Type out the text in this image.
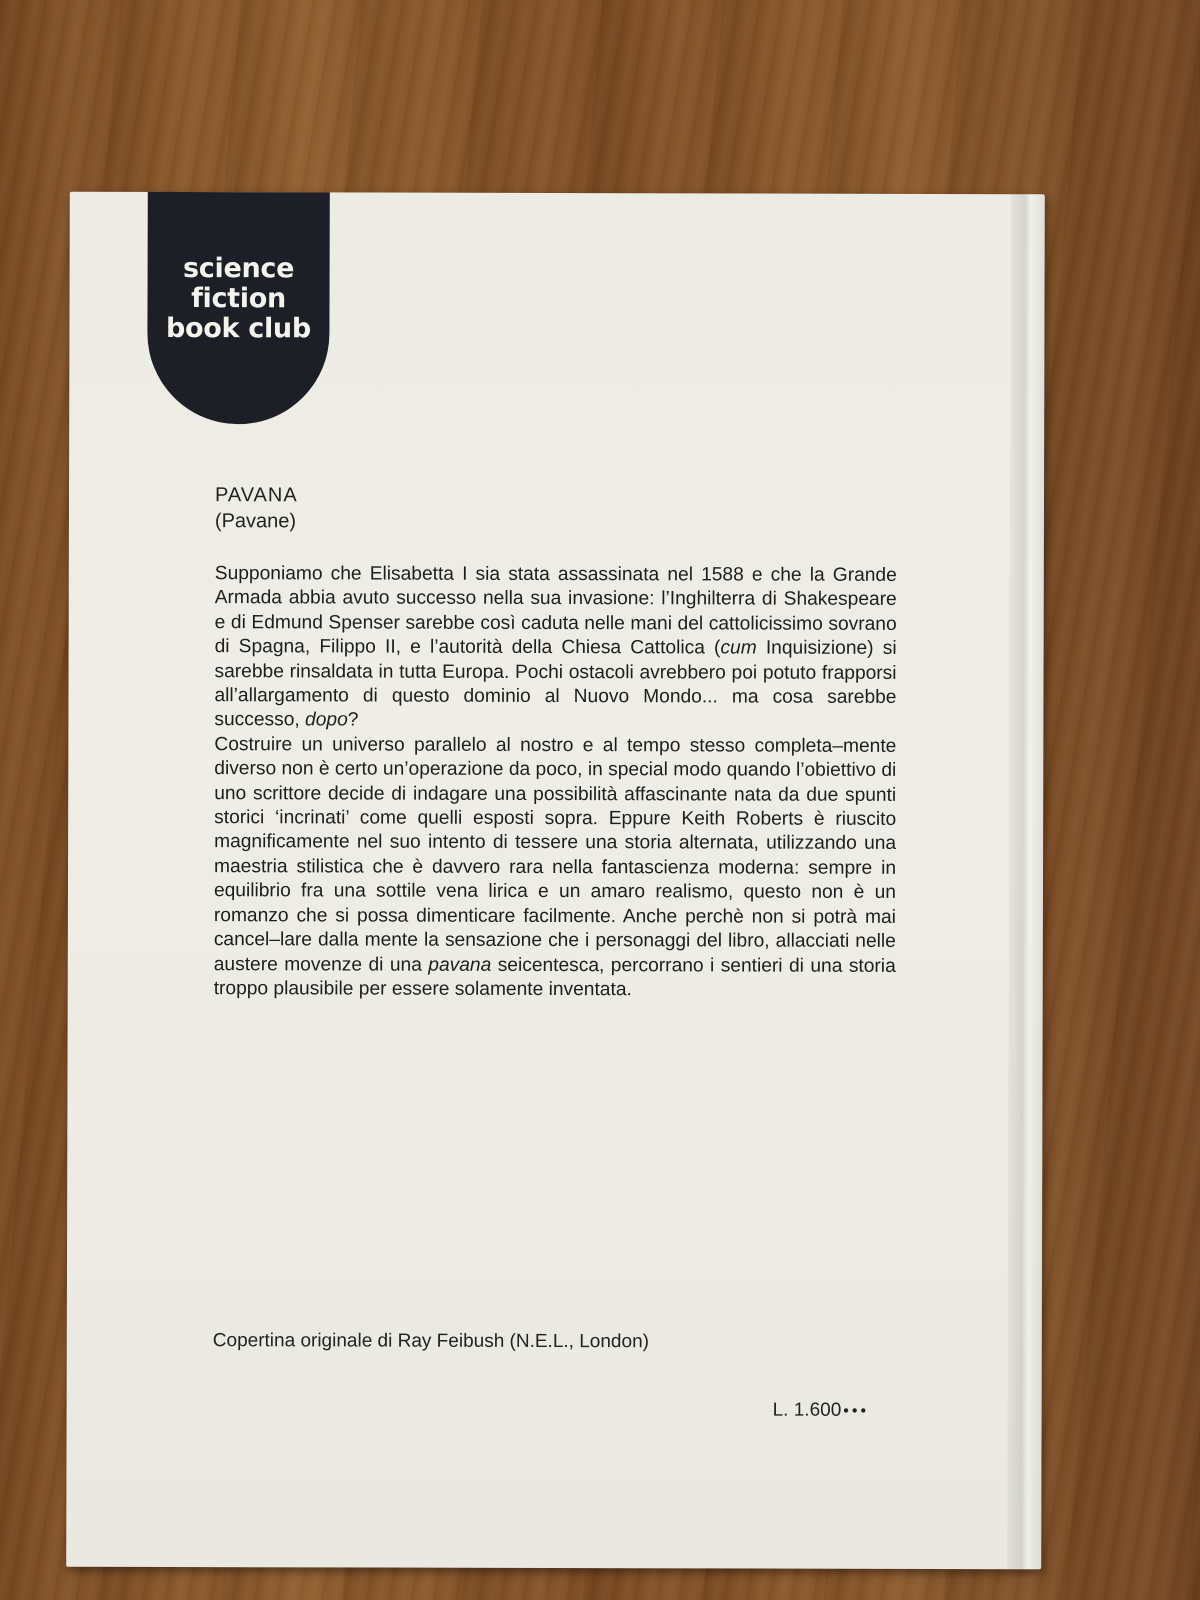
science
fiction
book club
PAVANA
(Pavane)

Supponiamo che Elisabetta I sia stata assassinata nel 1588 e che la Grande Armada abbia avuto successo nella sua invasione: l’Inghilterra di Shakespeare e di Edmund Spenser sarebbe così caduta nelle mani del cattolicissimo sovrano di Spagna, Filippo II, e l’autorità della Chiesa Cattolica (cum Inquisizione) si sarebbe rinsaldata in tutta Europa. Pochi ostacoli avrebbero poi potuto frapporsi all’allargamento di questo dominio al Nuovo Mondo... ma cosa sarebbe successo, dopo?

Costruire un universo parallelo al nostro e al tempo stesso completa–mente diverso non è certo un’operazione da poco, in special modo quando l’obiettivo di uno scrittore decide di indagare una possibilità affascinante nata da due spunti storici ‘incrinati’ come quelli esposti sopra. Eppure Keith Roberts è riuscito magnificamente nel suo intento di tessere una storia alternata, utilizzando una maestria stilistica che è davvero rara nella fantascienza moderna: sempre in equilibrio fra una sottile vena lirica e un amaro realismo, questo non è un romanzo che si possa dimenticare facilmente. Anche perchè non si potrà mai cancel–lare dalla mente la sensazione che i personaggi del libro, allacciati nelle austere movenze di una pavana seicentesca, percorrano i sentieri di una storia troppo plausibile per essere solamente inventata.

Copertina originale di Ray Feibush (N.E.L., London)
L. 1.600 •••
